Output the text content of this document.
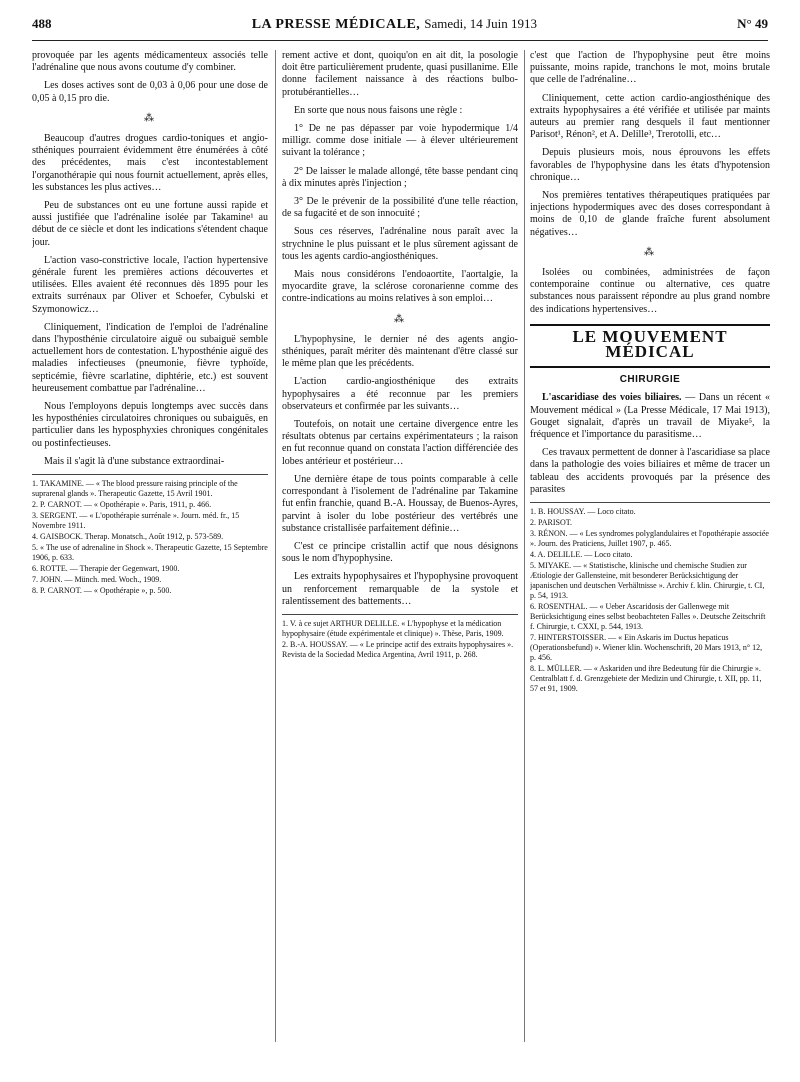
488	LA PRESSE MÉDICALE, Samedi, 14 Juin 1913	N° 49

provoquée par les agents médicamenteux associés telle l'adrénaline que nous avons coutume d'y combiner.

Les doses actives sont de 0,03 à 0,06 pour une dose de 0,05 à 0,15 pro die.

⁂

Beaucoup d'autres drogues cardio-toniques et angio-sthéniques pourraient évidemment être énumérées à côté des précédentes, mais c'est incontestablement l'organothérapie qui nous fournit actuellement, après elles, les substances les plus actives…

Peu de substances ont eu une fortune aussi rapide et aussi justifiée que l'adrénaline isolée par Takamine¹ au début de ce siècle et dont les indications s'étendent chaque jour.

L'action vaso-constrictive locale, l'action hypertensive générale furent les premières actions découvertes et utilisées. Elles avaient été reconnues dès 1895 pour les extraits surrénaux par Oliver et Schoefer, Cybulski et Szymonowicz…

Cliniquement, l'indication de l'emploi de l'adrénaline dans l'hyposthénie circulatoire aiguë ou subaiguë semble actuellement hors de contestation. L'hyposthénie aiguë des maladies infectieuses (pneumonie, fièvre typhoïde, septicémie, fièvre scarlatine, diphtérie, etc.) est souvent heureusement combattue par l'adrénaline…

Nous l'employons depuis longtemps avec succès dans les hyposthénies circulatoires chroniques ou subaiguës, en particulier dans les hyposphyxies chroniques congénitales ou postinfectieuses.

Mais il s'agit là d'une substance extraordinai-

1. TAKAMINE. — « The blood pressure raising principle of the suprarenal glands ». Therapeutic Gazette, 15 Avril 1901.

2. P. CARNOT. — « Opothérapie ». Paris, 1911, p. 466.

3. SERGENT. — « L'opothérapie surrénale ». Journ. méd. fr., 15 Novembre 1911.

4. GAISBOCK. Therap. Monatsch., Août 1912, p. 573-589.

5. « The use of adrenaline in Shock ». Therapeutic Gazette, 15 Septembre 1906, p. 633.

6. ROTTE. — Therapie der Gegenwart, 1900.

7. JOHN. — Münch. med. Woch., 1909.

8. P. CARNOT. — « Opothérapie », p. 500.

rement active et dont, quoiqu'on en ait dit, la posologie doit être particulièrement prudente, quasi pusillanime. Elle donne facilement naissance à des réactions bulbo-protubérantielles…

En sorte que nous nous faisons une règle :

1° De ne pas dépasser par voie hypodermique 1/4 milligr. comme dose initiale — à élever ultérieurement suivant la tolérance ;

2° De laisser le malade allongé, tête basse pendant cinq à dix minutes après l'injection ;

3° De le prévenir de la possibilité d'une telle réaction, de sa fugacité et de son innocuité ;

Sous ces réserves, l'adrénaline nous paraît avec la strychnine le plus puissant et le plus sûrement agissant de tous les agents cardio-angiosthéniques.

Mais nous considérons l'endoaortite, l'aortalgie, la myocardite grave, la sclérose coronarienne comme des contre-indications au moins relatives à son emploi…

⁂

L'hypophysine, le dernier né des agents angiosthéniques, paraît mériter dès maintenant d'être classé sur le même plan que les précédents.

L'action cardio-angiosthénique des extraits hypophysaires a été reconnue par les premiers observateurs et confirmée par les suivants…

Toutefois, on notait une certaine divergence entre les résultats obtenus par certains expérimentateurs ; la raison en fut reconnue quand on constata l'action différenciée des lobes antérieur et postérieur…

Une dernière étape de tous points comparable à celle correspondant à l'isolement de l'adrénaline par Takamine fut enfin franchie, quand B.-A. Houssay, de Buenos-Ayres, parvint à isoler du lobe postérieur des vertébrés une substance cristallisée parfaitement définie…

C'est ce principe cristallin actif que nous désignons sous le nom d'hypophysine.

Les extraits hypophysaires et l'hypophysine provoquent un renforcement remarquable de la systole et ralentissement des battements…

1. V. à ce sujet ARTHUR DELILLE. « L'hypophyse et la médication hypophysaire (étude expérimentale et clinique) ». Thèse, Paris, 1909.

2. B.-A. HOUSSAY. — « Le principe actif des extraits hypophysaires ». Revista de la Sociedad Medica Argentina, Avril 1911, p. 268.

c'est que l'action de l'hypophysine peut être moins puissante, moins rapide, tranchons le mot, moins brutale que celle de l'adrénaline…

Cliniquement, cette action cardio-angiosthénique des extraits hypophysaires a été vérifiée et utilisée par maints auteurs au premier rang desquels il faut mentionner Parisot¹, Rénon², et A. Delille³, Trerotolli, etc…

Depuis plusieurs mois, nous éprouvons les effets favorables de l'hypophysine dans les états d'hypotension chronique…

Nos premières tentatives thérapeutiques pratiquées par injections hypodermiques avec des doses correspondant à moins de 0,10 de glande fraîche furent absolument négatives…

⁂

Isolées ou combinées, administrées de façon contemporaine continue ou alternative, ces quatre substances nous paraissent répondre au plus grand nombre des indications hypertensives…

LE MOUVEMENT MÉDICAL
CHIRURGIE

L'ascaridiase des voies biliaires. — Dans un récent « Mouvement médical » (La Presse Médicale, 17 Mai 1913), Gouget signalait, d'après un travail de Miyake⁵, la fréquence et l'importance du parasitisme…

Ces travaux permettent de donner à l'ascaridiase sa place dans la pathologie des voies biliaires et même de tracer un tableau des accidents provoqués par la présence des parasites

1. B. HOUSSAY. — Loco citato.

2. PARISOT.

3. RÉNON. — « Les syndromes polyglandulaires et l'opothérapie associée ». Journ. des Praticiens, Juillet 1907, p. 465.

4. A. DELILLE. — Loco citato.

5. MIYAKE. — « Statistische, klinische und chemische Studien zur Ætiologie der Gallensteine, mit besonderer Berücksichtigung der japanischen und deutschen Verhältnisse ». Archiv f. klin. Chirurgie, t. CI, p. 54, 1913.

6. ROSENTHAL. — « Ueber Ascaridosis der Gallenwege mit Berücksichtigung eines selbst beobachteten Falles ». Deutsche Zeitschrift f. Chirurgie, t. CXXI, p. 544, 1913.

7. HINTERSTOISSER. — « Ein Askaris im Ductus hepaticus (Operationsbefund) ». Wiener klin. Wochenschrift, 20 Mars 1913, n° 12, p. 456.

8. L. MÜLLER. — « Askariden und ihre Bedeutung für die Chirurgie ». Centralblatt f. d. Grenzgebiete der Medizin und Chirurgie, t. XII, pp. 11, 57 et 91, 1909.
